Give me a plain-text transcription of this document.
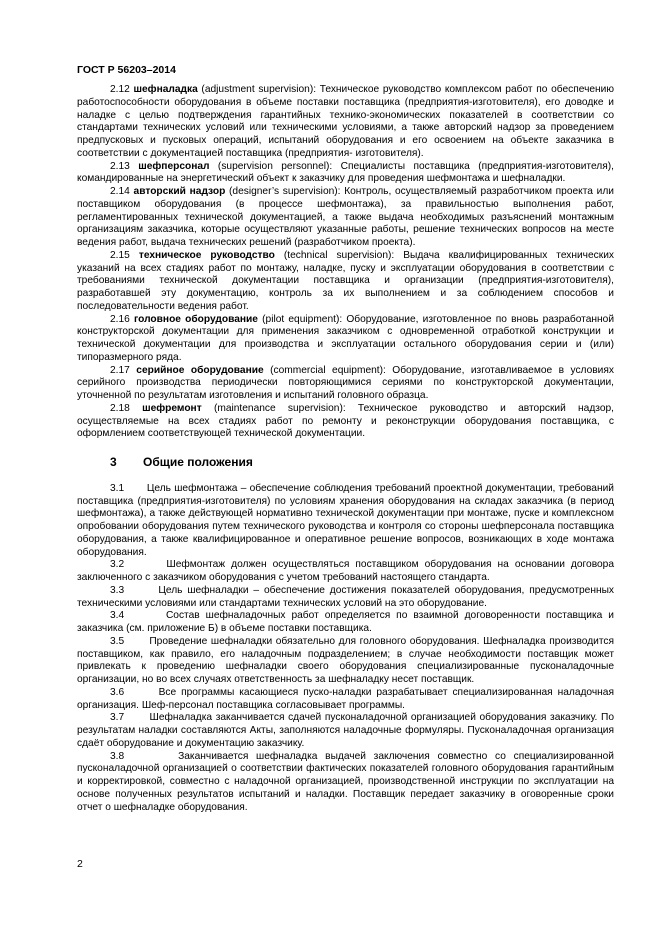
ГОСТ Р 56203–2014

2.12 шефналадка (adjustment supervision): Техническое руководство комплексом работ по обеспечению работоспособности оборудования в объеме поставки поставщика (предприятия-изготовителя), его доводке и наладке с целью подтверждения гарантийных технико-экономических показателей в соответствии со стандартами технических условий или техническими условиями, а также авторский надзор за проведением предпусковых и пусковых операций, испытаний оборудования и его освоением на объекте заказчика в соответствии с документацией поставщика (предприятия- изготовителя).

2.13 шефперсонал (supervision personnel): Специалисты поставщика (предприятия-изготовителя), командированные на энергетический объект к заказчику для проведения шефмонтажа и шефналадки.

2.14 авторский надзор (designer’s supervision): Контроль, осуществляемый разработчиком проекта или поставщиком оборудования (в процессе шефмонтажа), за правильностью выполнения работ, регламентированных технической документацией, а также выдача необходимых разъяснений монтажным организациям заказчика, которые осуществляют указанные работы, решение технических вопросов на месте ведения работ, выдача технических решений (разработчиком проекта).

2.15 техническое руководство (technical supervision): Выдача квалифицированных технических указаний на всех стадиях работ по монтажу, наладке, пуску и эксплуатации оборудования в соответствии с требованиями технической документации поставщика и организации (предприятия-изготовителя), разработавшей эту документацию, контроль за их выполнением и за соблюдением способов и последовательности ведения работ.

2.16 головное оборудование (pilot equipment): Оборудование, изготовленное по вновь разработанной конструкторской документации для применения заказчиком с одновременной отработкой конструкции и технической документации для производства и эксплуатации остального оборудования серии и (или) типоразмерного ряда.

2.17 серийное оборудование (commercial equipment): Оборудование, изготавливаемое в условиях серийного производства периодически повторяющимися сериями по конструкторской документации, уточненной по результатам изготовления и испытаний головного образца.

2.18 шефремонт (maintenance supervision): Техническое руководство и авторский надзор, осуществляемые на всех стадиях работ по ремонту и реконструкции оборудования поставщика, с оформлением соответствующей технической документации.

3	Общие положения

3.1 Цель шефмонтажа – обеспечение соблюдения требований проектной документации, требований поставщика (предприятия-изготовителя) по условиям хранения оборудования на складах заказчика (в период шефмонтажа), а также действующей нормативно технической документации при монтаже, пуске и комплексном опробовании оборудования путем технического руководства и контроля со стороны шефперсонала поставщика оборудования, а также квалифицированное и оперативное решение вопросов, возникающих в ходе монтажа оборудования.

3.2	Шефмонтаж должен осуществляться поставщиком оборудования на основании договора заключенного с заказчиком оборудования с учетом требований настоящего стандарта.

3.3	Цель шефналадки – обеспечение достижения показателей оборудования, предусмотренных техническими условиями или стандартами технических условий на это оборудование.

3.4	Состав шефналадочных работ определяется по взаимной договоренности поставщика и заказчика (см. приложение Б) в объеме поставки поставщика.

3.5 Проведение шефналадки обязательно для головного оборудования. Шефналадка производится поставщиком, как правило, его наладочным подразделением; в случае необходимости поставщик может привлекать к проведению шефналадки своего оборудования специализированные пусконаладочные организации, но во всех случаях ответственность за шефналадку несет поставщик.

3.6	Все программы касающиеся пуско-наладки разрабатывает специализированная наладочная организация. Шеф-персонал поставщика согласовывает программы.

3.7 Шефналадка заканчивается сдачей пусконаладочной организацией оборудования заказчику. По результатам наладки составляются Акты, заполняются наладочные формуляры. Пусконаладочная организация сдаёт оборудование и документацию заказчику.

3.8	Заканчивается шефналадка выдачей заключения совместно со специализированной пусконаладочной организацией о соответствии фактических показателей головного оборудования гарантийным и корректировкой, совместно с наладочной организацией, производственной инструкции по эксплуатации на основе полученных результатов испытаний и наладки. Поставщик передает заказчику в оговоренные сроки отчет о шефналадке оборудования.

2
